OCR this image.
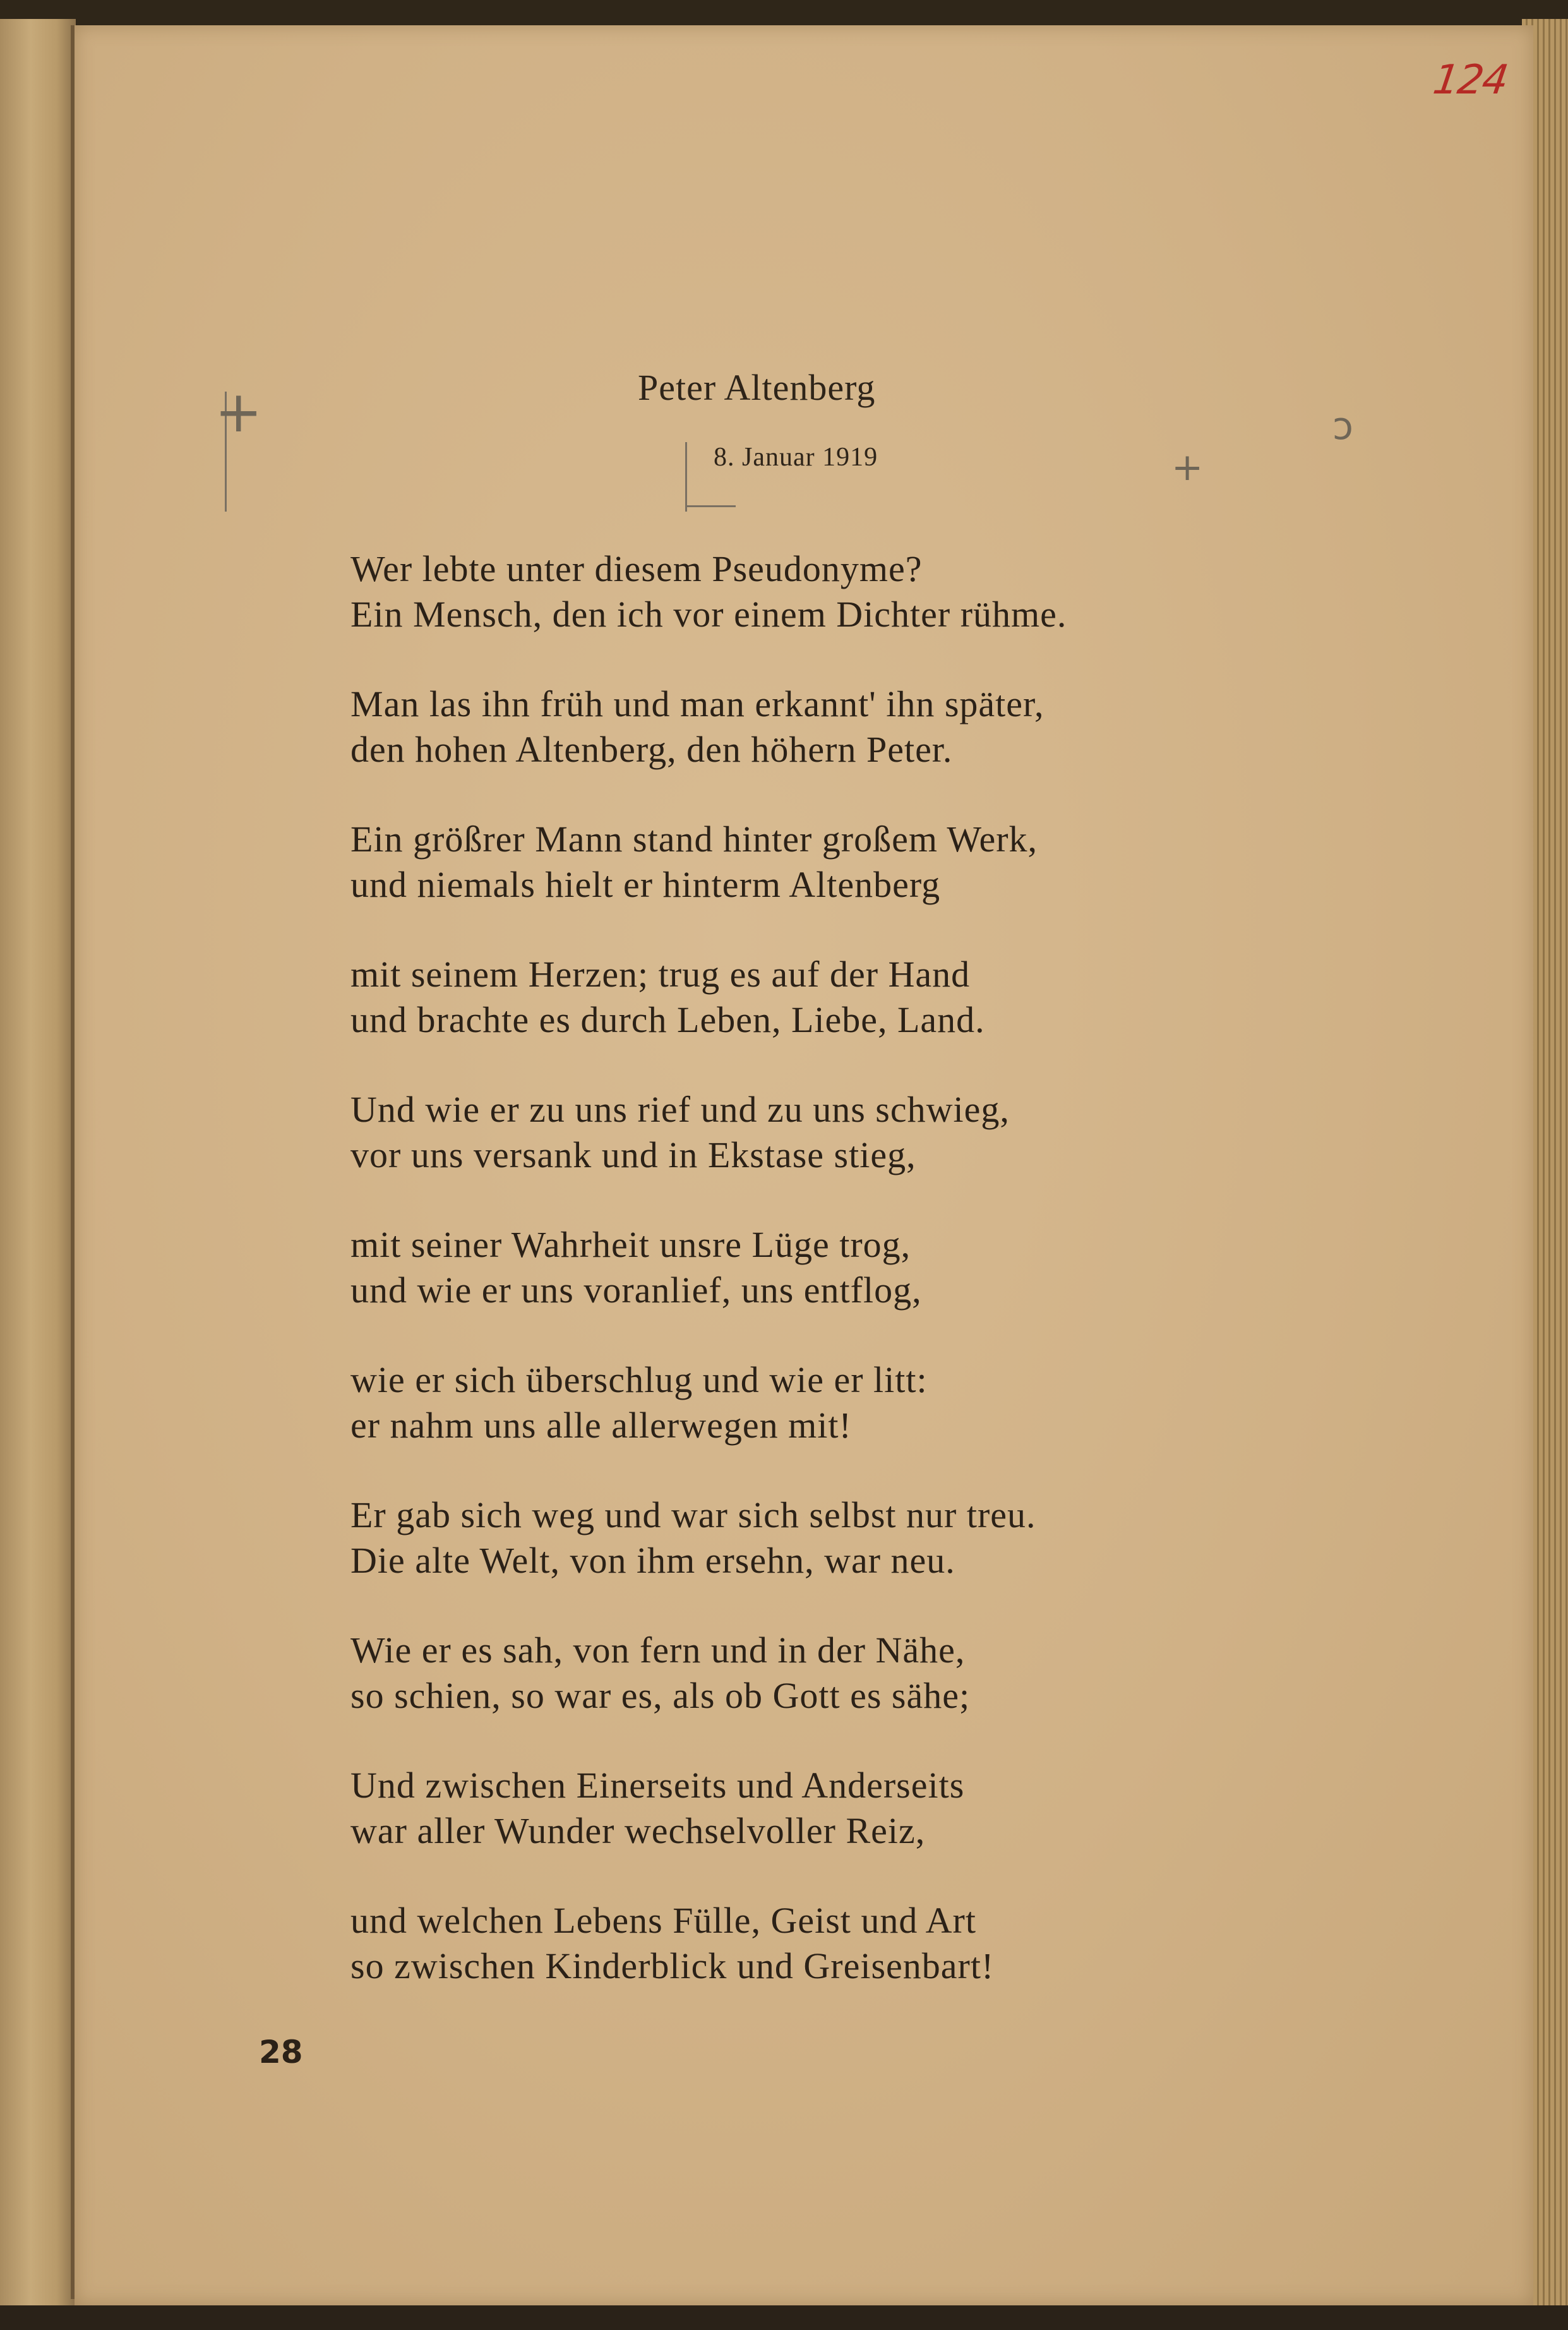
124
+
+
ↄ
Peter Altenberg
8. Januar 1919
Wer lebte unter diesem Pseudonyme?
Ein Mensch, den ich vor einem Dichter rühme.
Man las ihn früh und man erkannt' ihn später,
den hohen Altenberg, den höhern Peter.
Ein größrer Mann stand hinter großem Werk,
und niemals hielt er hinterm Altenberg
mit seinem Herzen; trug es auf der Hand
und brachte es durch Leben, Liebe, Land.
Und wie er zu uns rief und zu uns schwieg,
vor uns versank und in Ekstase stieg,
mit seiner Wahrheit unsre Lüge trog,
und wie er uns voranlief, uns entflog,
wie er sich überschlug und wie er litt:
er nahm uns alle allerwegen mit!
Er gab sich weg und war sich selbst nur treu.
Die alte Welt, von ihm ersehn, war neu.
Wie er es sah, von fern und in der Nähe,
so schien, so war es, als ob Gott es sähe;
Und zwischen Einerseits und Anderseits
war aller Wunder wechselvoller Reiz,
und welchen Lebens Fülle, Geist und Art
so zwischen Kinderblick und Greisenbart!
28
